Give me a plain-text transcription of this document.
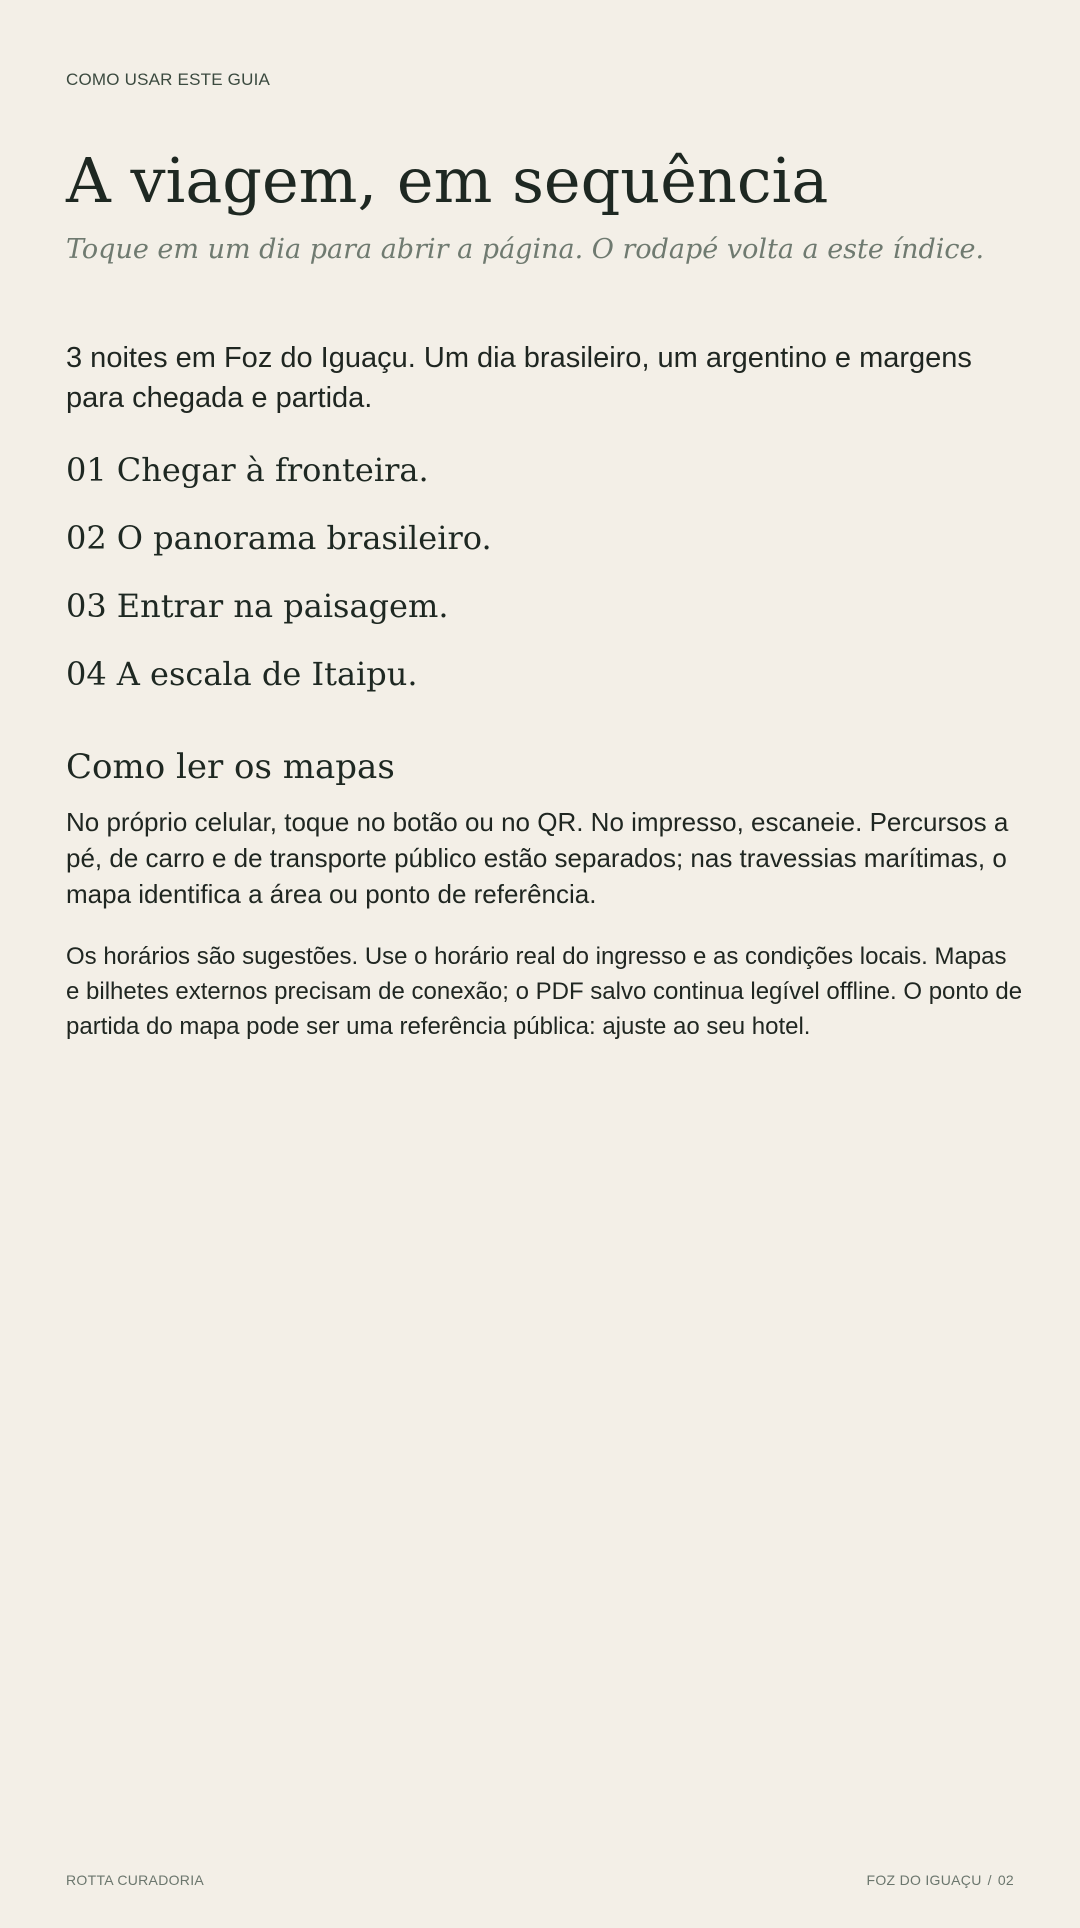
COMO USAR ESTE GUIA
A viagem, em sequência
Toque em um dia para abrir a página. O rodapé volta a este índice.
3 noites em Foz do Iguaçu. Um dia brasileiro, um argentino e margens para chegada e partida.
01 Chegar à fronteira.
02 O panorama brasileiro.
03 Entrar na paisagem.
04 A escala de Itaipu.
Como ler os mapas

No próprio celular, toque no botão ou no QR. No impresso, escaneie. Percursos a pé, de carro e de transporte público estão separados; nas travessias marítimas, o mapa identifica a área ou ponto de referência.

Os horários são sugestões. Use o horário real do ingresso e as condições locais. Mapas e bilhetes externos precisam de conexão; o PDF salvo continua legível offline. O ponto de partida do mapa pode ser uma referência pública: ajuste ao seu hotel.

ROTTA CURADORIA	FOZ DO IGUAÇU / 02
